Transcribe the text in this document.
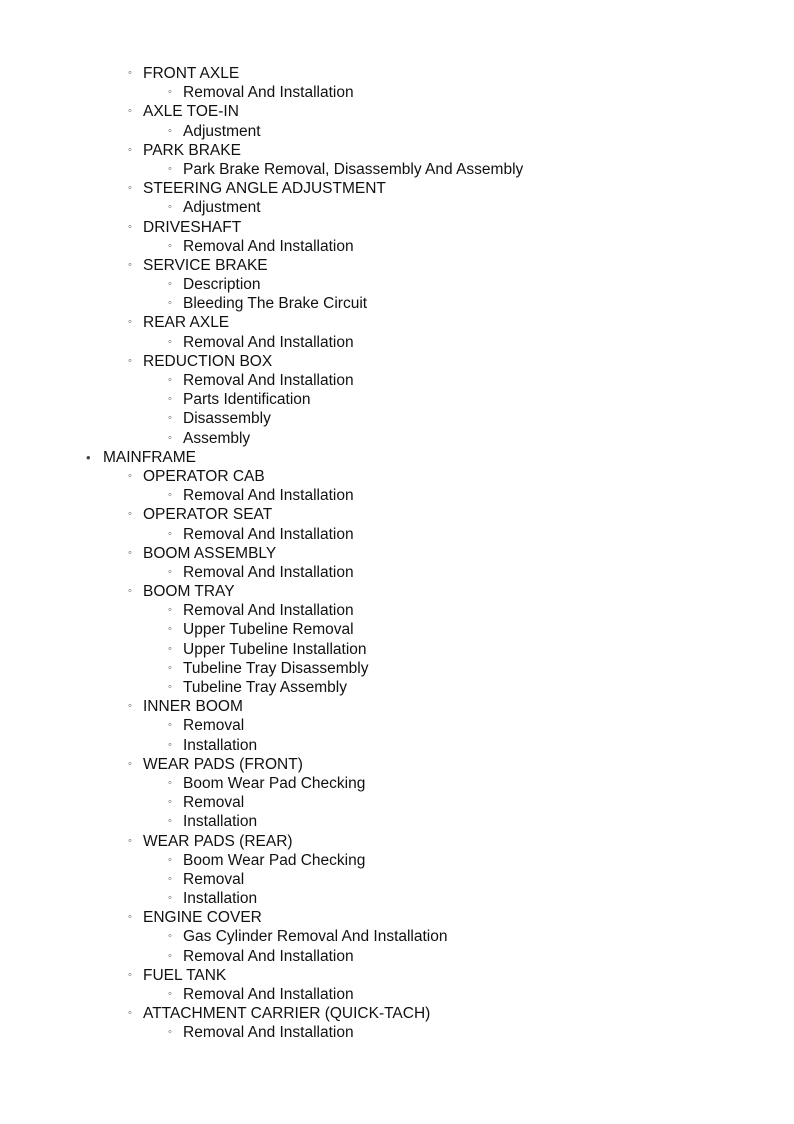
◦ FRONT AXLE
◦ Removal And Installation
◦ AXLE TOE-IN
◦ Adjustment
◦ PARK BRAKE
◦ Park Brake Removal, Disassembly And Assembly
◦ STEERING ANGLE ADJUSTMENT
◦ Adjustment
◦ DRIVESHAFT
◦ Removal And Installation
◦ SERVICE BRAKE
◦ Description
◦ Bleeding The Brake Circuit
◦ REAR AXLE
◦ Removal And Installation
◦ REDUCTION BOX
◦ Removal And Installation
◦ Parts Identification
◦ Disassembly
◦ Assembly
• MAINFRAME
◦ OPERATOR CAB
◦ Removal And Installation
◦ OPERATOR SEAT
◦ Removal And Installation
◦ BOOM ASSEMBLY
◦ Removal And Installation
◦ BOOM TRAY
◦ Removal And Installation
◦ Upper Tubeline Removal
◦ Upper Tubeline Installation
◦ Tubeline Tray Disassembly
◦ Tubeline Tray Assembly
◦ INNER BOOM
◦ Removal
◦ Installation
◦ WEAR PADS (FRONT)
◦ Boom Wear Pad Checking
◦ Removal
◦ Installation
◦ WEAR PADS (REAR)
◦ Boom Wear Pad Checking
◦ Removal
◦ Installation
◦ ENGINE COVER
◦ Gas Cylinder Removal And Installation
◦ Removal And Installation
◦ FUEL TANK
◦ Removal And Installation
◦ ATTACHMENT CARRIER (QUICK-TACH)
◦ Removal And Installation
